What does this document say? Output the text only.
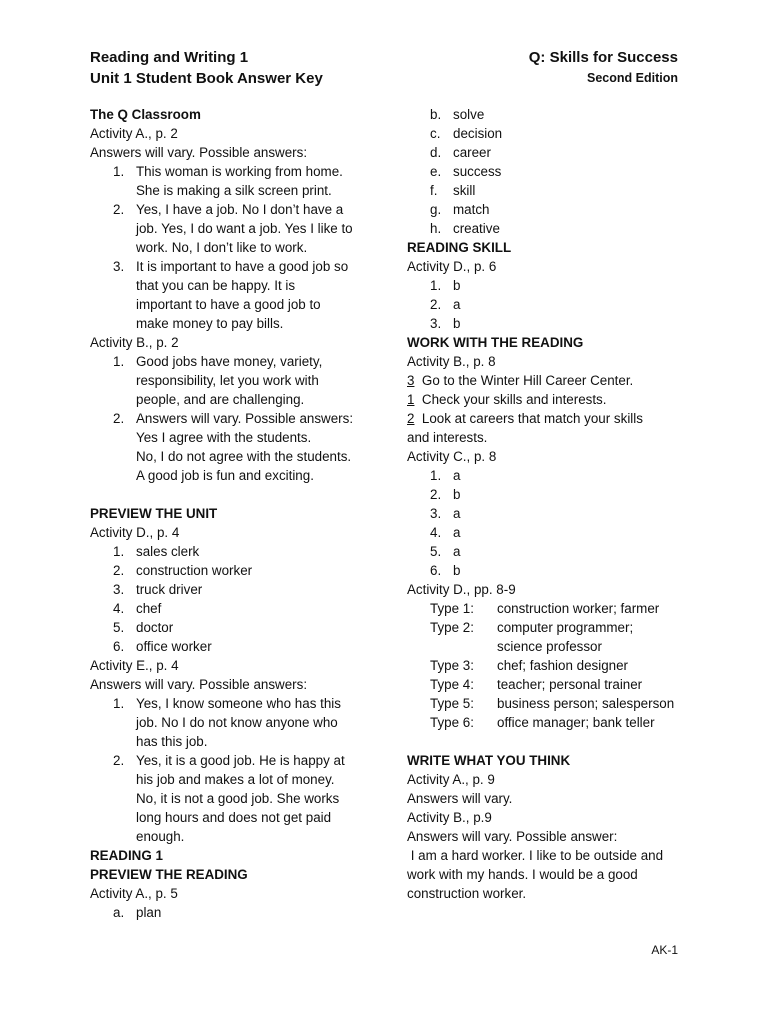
Reading and Writing 1
Unit 1 Student Book Answer Key
Q: Skills for Success
Second Edition
The Q Classroom
Activity A., p. 2
Answers will vary. Possible answers:
1. This woman is working from home.
She is making a silk screen print.
2. Yes, I have a job. No I don’t have a
job. Yes, I do want a job. Yes I like to
work. No, I don’t like to work.
3. It is important to have a good job so
that you can be happy. It is
important to have a good job to
make money to pay bills.
Activity B., p. 2
1. Good jobs have money, variety,
responsibility, let you work with
people, and are challenging.
2. Answers will vary. Possible answers:
Yes I agree with the students.
No, I do not agree with the students.
A good job is fun and exciting.
PREVIEW THE UNIT
Activity D., p. 4
1. sales clerk
2. construction worker
3. truck driver
4. chef
5. doctor
6. office worker
Activity E., p. 4
Answers will vary. Possible answers:
1. Yes, I know someone who has this
job. No I do not know anyone who
has this job.
2. Yes, it is a good job. He is happy at
his job and makes a lot of money.
No, it is not a good job. She works
long hours and does not get paid
enough.
READING 1
PREVIEW THE READING
Activity A., p. 5
a. plan
b. solve
c. decision
d. career
e. success
f. skill
g. match
h. creative
READING SKILL
Activity D., p. 6
1. b
2. a
3. b
WORK WITH THE READING
Activity B., p. 8
3 Go to the Winter Hill Career Center.
1 Check your skills and interests.
2 Look at careers that match your skills
and interests.
Activity C., p. 8
1. a
2. b
3. a
4. a
5. a
6. b
Activity D., pp. 8-9
Type 1: construction worker; farmer
Type 2: computer programmer;
science professor
Type 3: chef; fashion designer
Type 4: teacher; personal trainer
Type 5: business person; salesperson
Type 6: office manager; bank teller
WRITE WHAT YOU THINK
Activity A., p. 9
Answers will vary.
Activity B., p.9
Answers will vary. Possible answer:
I am a hard worker. I like to be outside and
work with my hands. I would be a good
construction worker.
AK-1
